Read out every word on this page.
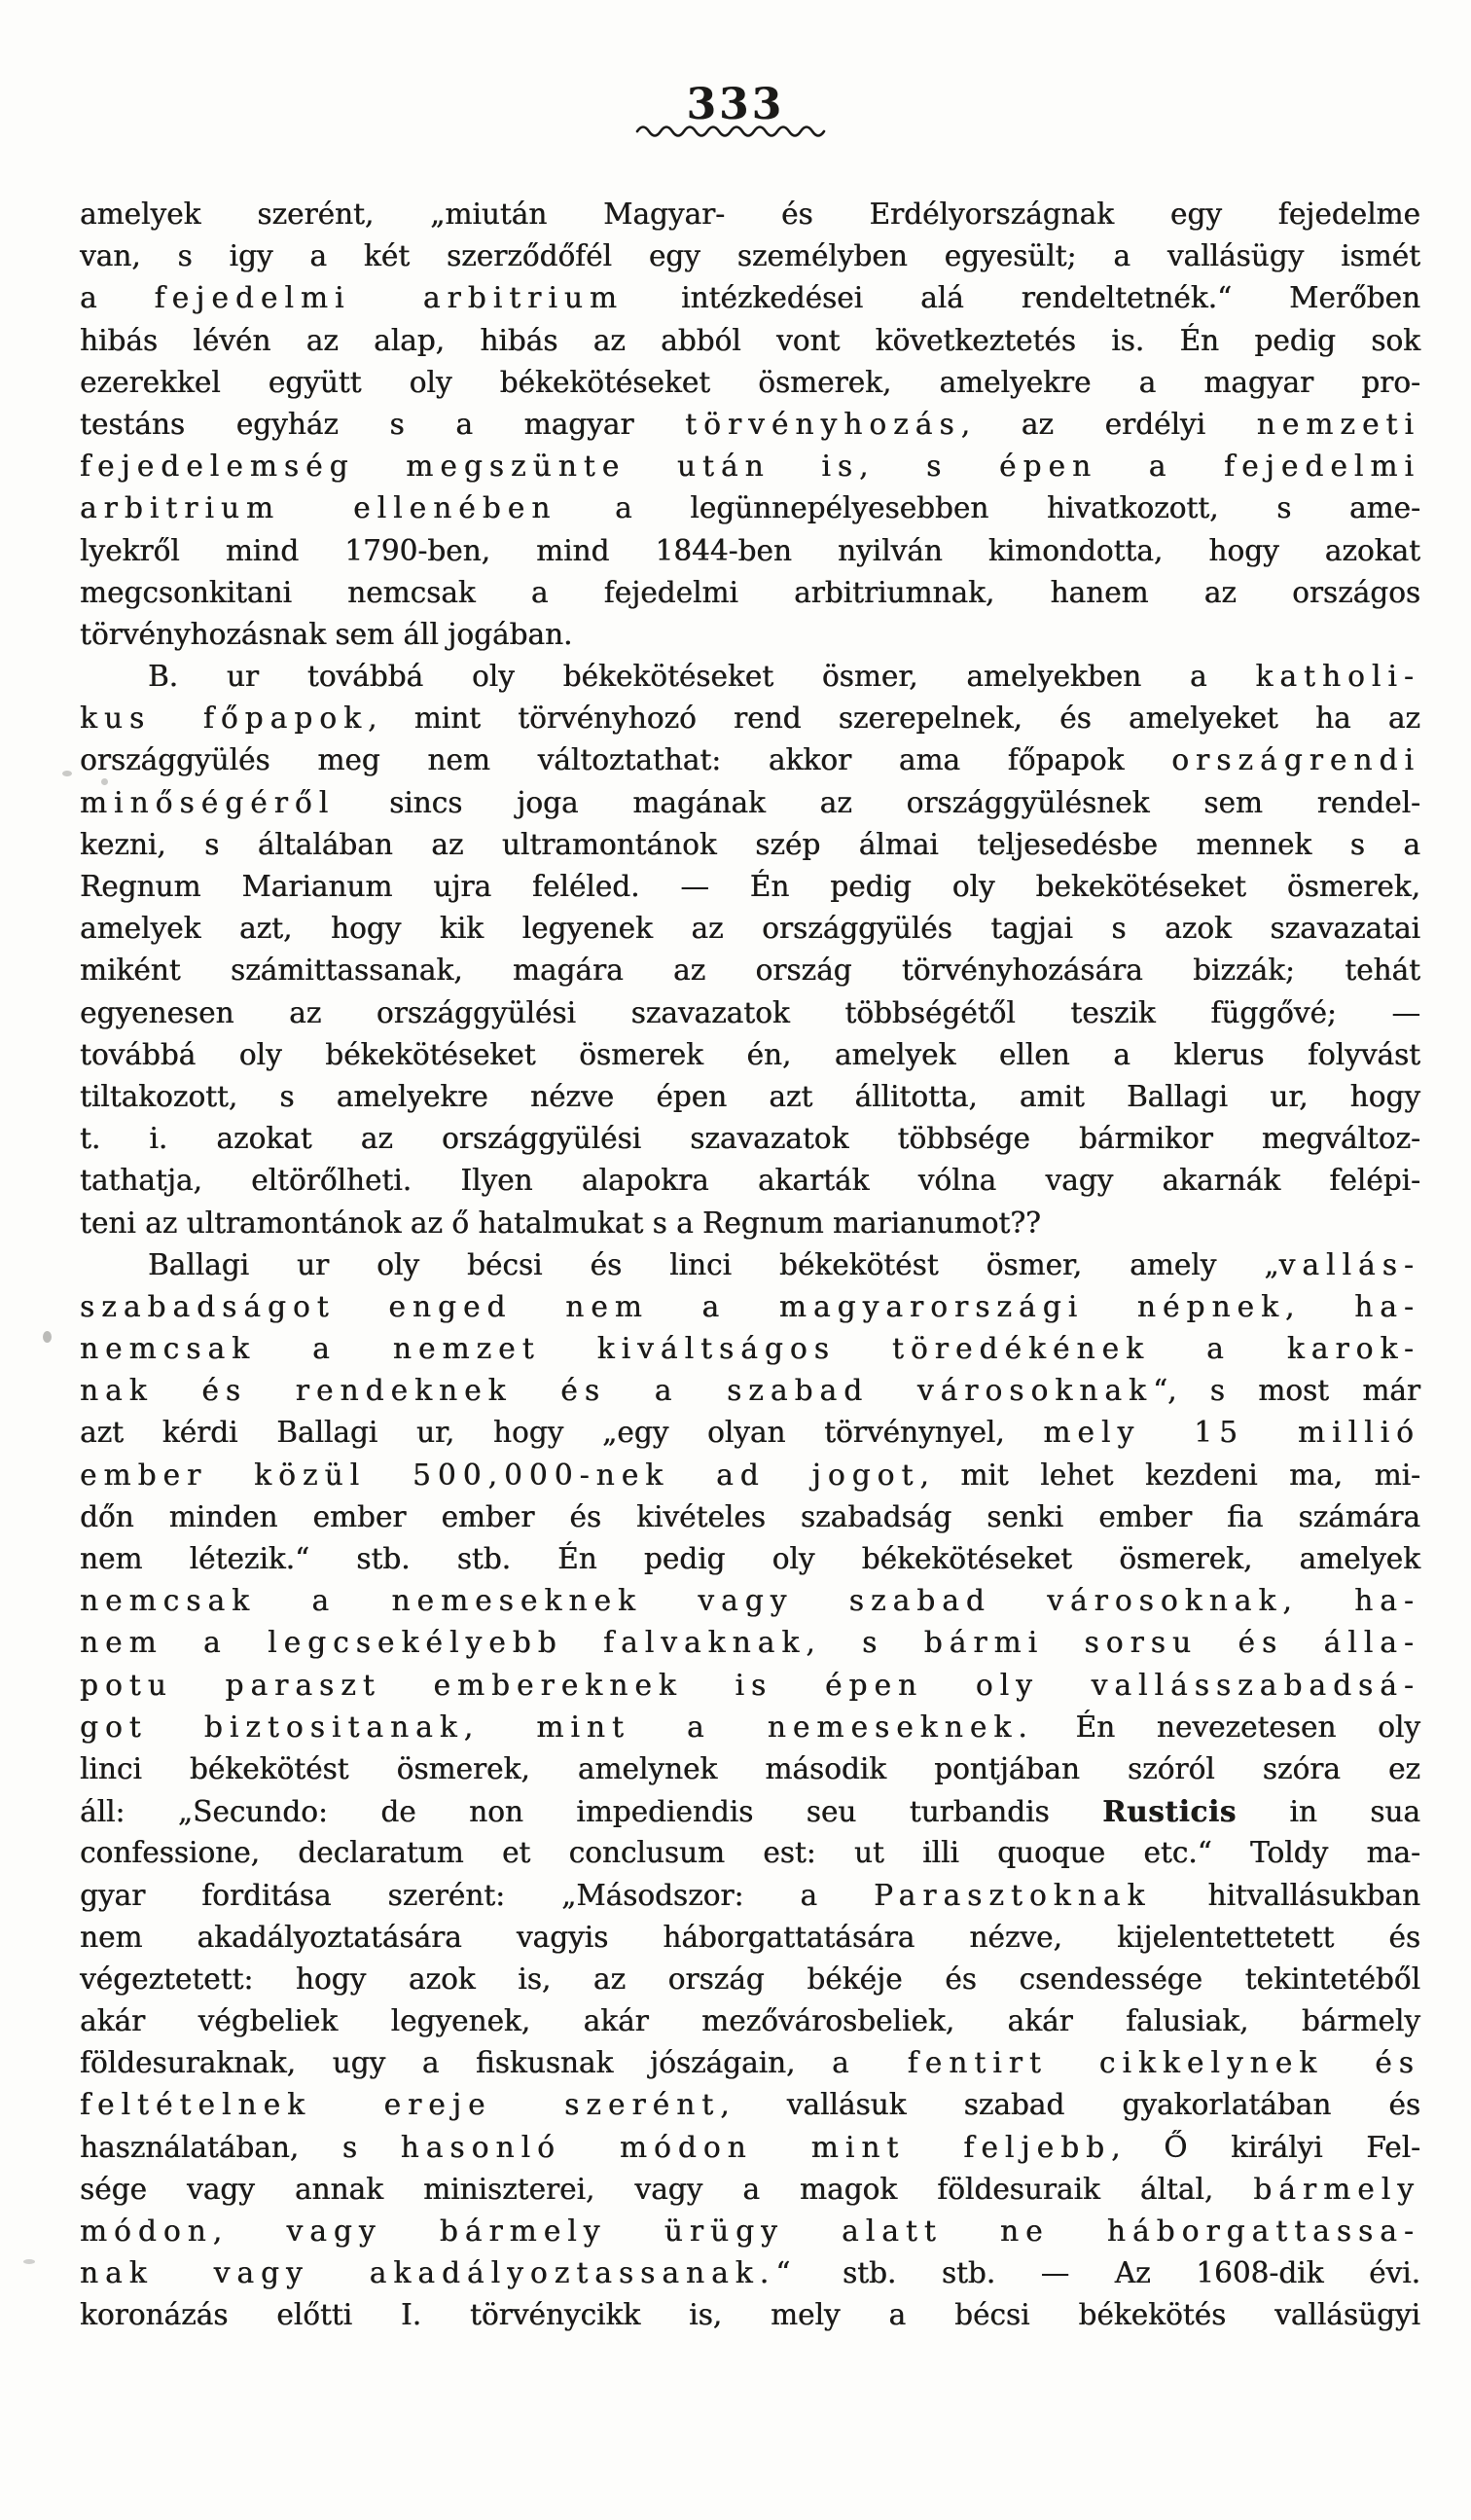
333
amelyek szerént, „miután Magyar- és Erdélyországnak egy fejedelme
van, s igy a két szerződőfél egy személyben egyesült; a vallásügy ismét
a fejedelmi arbitrium intézkedései alá rendeltetnék.“ Merőben
hibás lévén az alap, hibás az abból vont következtetés is. Én pedig sok
ezerekkel együtt oly békekötéseket ösmerek, amelyekre a magyar pro-
testáns egyház s a magyar törvényhozás, az erdélyi nemzeti
fejedelemség megszünte után is, s épen a fejedelmi
arbitrium ellenében a legünnepélyesebben hivatkozott, s ame-
lyekről mind 1790-ben, mind 1844-ben nyilván kimondotta, hogy azokat
megcsonkitani nemcsak a fejedelmi arbitriumnak, hanem az országos
törvényhozásnak sem áll jogában.
B. ur továbbá oly békekötéseket ösmer, amelyekben a katholi-
kus főpapok, mint törvényhozó rend szerepelnek, és amelyeket ha az
országgyülés meg nem változtathat: akkor ama főpapok országrendi
minőségéről sincs joga magának az országgyülésnek sem rendel-
kezni, s általában az ultramontánok szép álmai teljesedésbe mennek s a
Regnum Marianum ujra feléled. — Én pedig oly bekekötéseket ösmerek,
amelyek azt, hogy kik legyenek az országgyülés tagjai s azok szavazatai
miként számittassanak, magára az ország törvényhozására bizzák; tehát
egyenesen az országgyülési szavazatok többségétől teszik függővé; —
továbbá oly békekötéseket ösmerek én, amelyek ellen a klerus folyvást
tiltakozott, s amelyekre nézve épen azt állitotta, amit Ballagi ur, hogy
t. i. azokat az országgyülési szavazatok többsége bármikor megváltoz-
tathatja, eltörőlheti. Ilyen alapokra akarták vólna vagy akarnák felépi-
teni az ultramontánok az ő hatalmukat s a Regnum marianumot??
Ballagi ur oly bécsi és linci békekötést ösmer, amely „vallás-
szabadságot enged nem a magyarországi népnek, ha-
nemcsak a nemzet kiváltságos töredékének a karok-
nak és rendeknek és a szabad városoknak“, s most már
azt kérdi Ballagi ur, hogy „egy olyan törvénynyel, mely 15 millió
ember közül 500,000-nek ad jogot, mit lehet kezdeni ma, mi-
dőn minden ember ember és kivételes szabadság senki ember fia számára
nem létezik.“ stb. stb. Én pedig oly békekötéseket ösmerek, amelyek
nemcsak a nemeseknek vagy szabad városoknak, ha-
nem a legcsekélyebb falvaknak, s bármi sorsu és álla-
potu paraszt embereknek is épen oly vallásszabadsá-
got biztositanak, mint a nemeseknek. Én nevezetesen oly
linci békekötést ösmerek, amelynek második pontjában szóról szóra ez
áll: „Secundo: de non impediendis seu turbandis Rusticis in sua
confessione, declaratum et conclusum est: ut illi quoque etc.“ Toldy ma-
gyar forditása szerént: „Másodszor: a Parasztoknak hitvallásukban
nem akadályoztatására vagyis háborgattatására nézve, kijelentettetett és
végeztetett: hogy azok is, az ország békéje és csendessége tekintetéből
akár végbeliek legyenek, akár mezővárosbeliek, akár falusiak, bármely
földesuraknak, ugy a fiskusnak jószágain, a fentirt cikkelynek és
feltételnek ereje szerént, vallásuk szabad gyakorlatában és
használatában, s hasonló módon mint feljebb, Ő királyi Fel-
sége vagy annak miniszterei, vagy a magok földesuraik által, bármely
módon, vagy bármely ürügy alatt ne háborgattassa-
nak vagy akadályoztassanak.“ stb. stb. — Az 1608-dik évi.
koronázás előtti I. törvénycikk is, mely a bécsi békekötés vallásügyi
